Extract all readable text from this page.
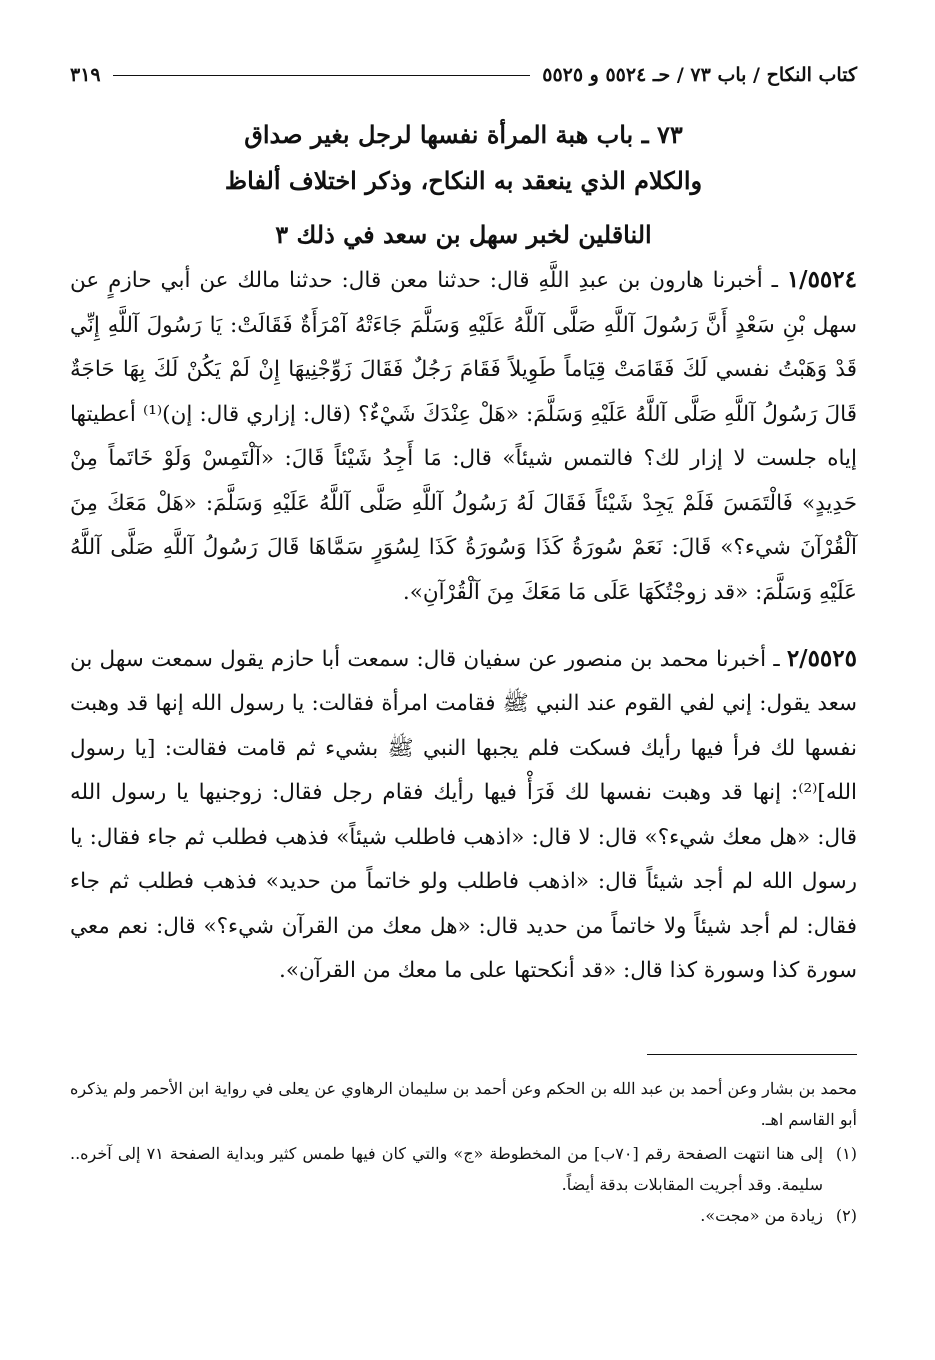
كتاب النكاح / باب ٧٣ / حـ ٥٥٢٤ و ٥٥٢٥
٣١٩
٧٣ ـ باب هبة المرأة نفسها لرجل بغير صداق
والكلام الذي ينعقد به النكاح، وذكر اختلاف ألفاظ
الناقلين لخبر سهل بن سعد في ذلك ٣

١/٥٥٢٤ ـ أخبرنا هارون بن عبدِ اللَّهِ قال: حدثنا معن قال: حدثنا مالك عن أبي حازمٍ عن سهل بْنِ سَعْدٍ أَنَّ رَسُولَ آللَّهِ صَلَّى آللَّهُ عَلَيْهِ وَسَلَّمَ جَاءَتْهُ آمْرَأَةٌ فَقَالَتْ: يَا رَسُولَ آللَّهِ إِنِّي قَدْ وَهَبْتُ نفسي لَكَ فَقَامَتْ قِيَاماً طَوِيلاً فَقَامَ رَجُلٌ فَقَالَ زَوِّجْنِيهَا إِنْ لَمْ يَكُنْ لَكَ بِهَا حَاجَةٌ قَالَ رَسُولُ آللَّهِ صَلَّى آللَّهُ عَلَيْهِ وَسَلَّمَ: «هَلْ عِنْدَكَ شَيْءٌ؟ (قال: إزاري قال: إن)⁽¹⁾ أعطيتها إياه جلست لا إزار لك؟ فالتمس شيئاً» قال: مَا أَجِدُ شَيْئاً قَالَ: «آلْتَمِسْ وَلَوْ خَاتَماً مِنْ حَدِيدٍ» فَالْتَمَسَ فَلَمْ يَجِدْ شَيْئاً فَقَالَ لَهُ رَسُولُ آللَّهِ صَلَّى آللَّهُ عَلَيْهِ وَسَلَّمَ: «هَلْ مَعَكَ مِنَ آلْقُرْآنَ شيء؟» قَالَ: نَعَمْ سُورَةُ كَذَا وَسُورَةُ كَذَا لِسُوَرٍ سَمَّاهَا قَالَ رَسُولُ آللَّهِ صَلَّى آللَّهُ عَلَيْهِ وَسَلَّمَ: «قد زوجْتُكَهَا عَلَى مَا مَعَكَ مِنَ آلْقُرْآنِ».

٢/٥٥٢٥ ـ أخبرنا محمد بن منصور عن سفيان قال: سمعت أبا حازم يقول سمعت سهل بن سعد يقول: إني لفي القوم عند النبي ﷺ فقامت امرأة فقالت: يا رسول الله إنها قد وهبت نفسها لك فرأ فيها رأيك فسكت فلم يجبها النبي ﷺ بشيء ثم قامت فقالت: [يا رسول الله]⁽²⁾: إنها قد وهبت نفسها لك فَرَأْ فيها رأيك فقام رجل فقال: زوجنيها يا رسول الله قال: «هل معك شيء؟» قال: لا قال: «اذهب فاطلب شيئاً» فذهب فطلب ثم جاء فقال: يا رسول الله لم أجد شيئاً قال: «اذهب فاطلب ولو خاتماً من حديد» فذهب فطلب ثم جاء فقال: لم أجد شيئاً ولا خاتماً من حديد قال: «هل معك من القرآن شيء؟» قال: نعم معي سورة كذا وسورة كذا قال: «قد أنكحتها على ما معك من القرآن».

محمد بن بشار وعن أحمد بن عبد الله بن الحكم وعن أحمد بن سليمان الرهاوي عن يعلى في رواية ابن الأحمر ولم يذكره أبو القاسم اهـ.

(١)
إلى هنا انتهت الصفحة رقم [٧٠ب] من المخطوطة «ج» والتي كان فيها طمس كثير وبداية الصفحة ٧١ إلى آخره.. سليمة. وقد أجريت المقابلات بدقة أيضاً.
(٢)
زيادة من «مجت».
